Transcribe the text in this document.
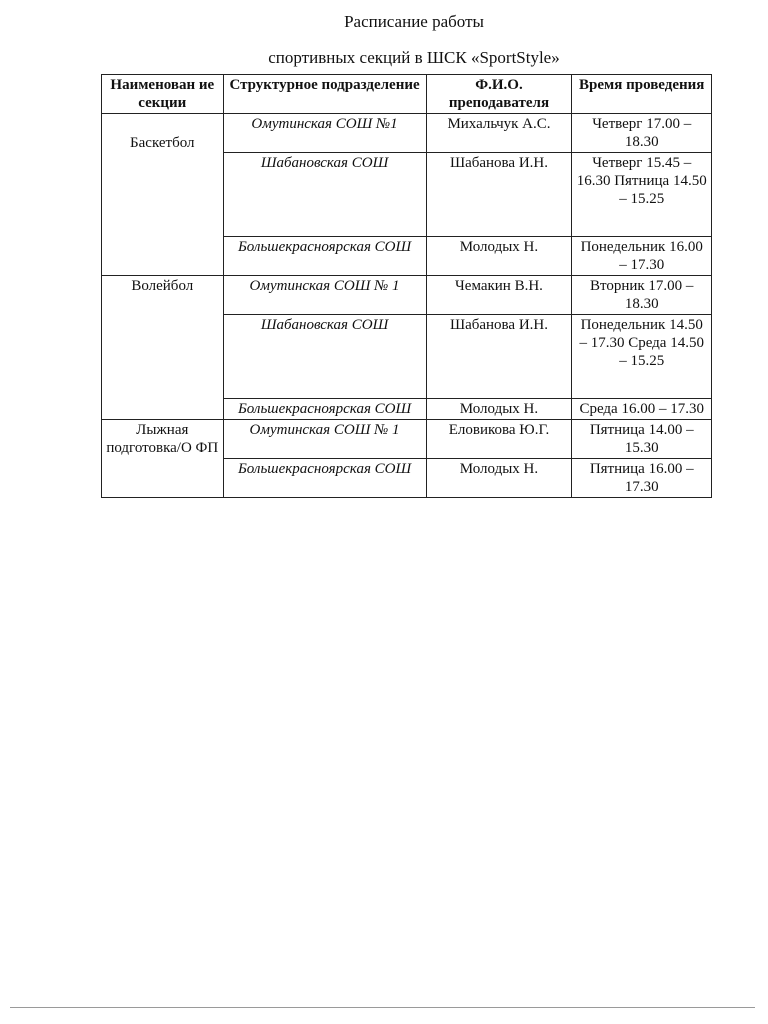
Расписание работы
спортивных секций в ШСК «SportStyle»
Наименован ие секции	Структурное подразделение	Ф.И.О. преподавателя	Время проведения
Баскетбол	Омутинская СОШ №1	Михальчук А.С.	Четверг 17.00 – 18.30
	Шабановская СОШ	Шабанова И.Н.	Четверг 15.45 – 16.30 Пятница 14.50 – 15.25
	Большекрасноярская СОШ	Молодых Н.	Понедельник 16.00 – 17.30
Волейбол	Омутинская СОШ № 1	Чемакин В.Н.	Вторник 17.00 – 18.30
	Шабановская СОШ	Шабанова И.Н.	Понедельник 14.50 – 17.30 Среда 14.50 – 15.25
	Большекрасноярская СОШ	Молодых Н.	Среда 16.00 – 17.30
Лыжная подготовка/О ФП	Омутинская СОШ № 1	Еловикова Ю.Г.	Пятница 14.00 – 15.30
	Большекрасноярская СОШ	Молодых Н.	Пятница 16.00 – 17.30
